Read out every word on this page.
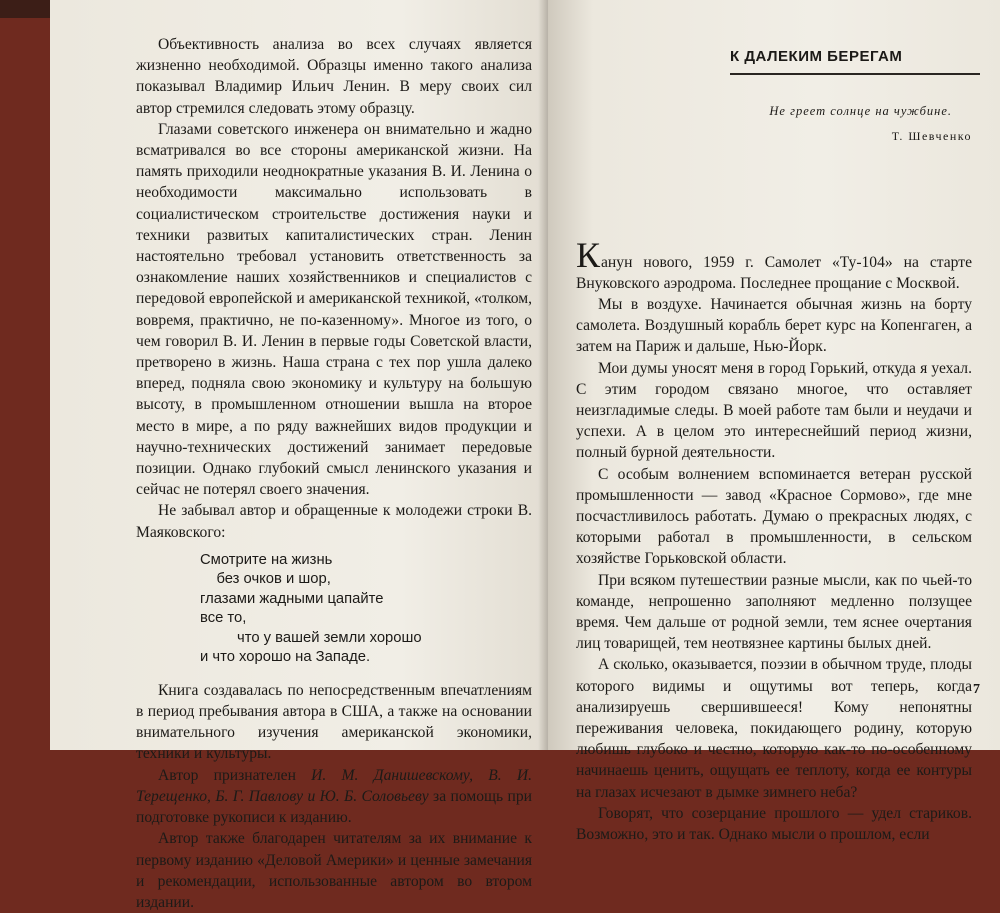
Объективность анализа во всех случаях является жизненно необходимой. Образцы именно такого анализа показывал Владимир Ильич Ленин. В меру своих сил автор стремился следовать этому образцу.

Глазами советского инженера он внимательно и жадно всматривался во все стороны американской жизни. На память приходили неоднократные указания В. И. Ленина о необходимости максимально использовать в социалистическом строительстве достижения науки и техники развитых капиталистических стран. Ленин настоятельно требовал установить ответственность за ознакомление наших хозяйственников и специалистов с передовой европейской и американской техникой, «толком, вовремя, практично, не по-казенному». Многое из того, о чем говорил В. И. Ленин в первые годы Советской власти, претворено в жизнь. Наша страна с тех пор ушла далеко вперед, подняла свою экономику и культуру на большую высоту, в промышленном отношении вышла на второе место в мире, а по ряду важнейших видов продукции и научно-технических достижений занимает передовые позиции. Однако глубокий смысл ленинского указания и сейчас не потерял своего значения.

Не забывал автор и обращенные к молодежи строки В. Маяковского:

Смотрите на жизнь
без очков и шор,
глазами жадными цапайте
все то,
что у вашей земли хорошо
и что хорошо на Западе.

Книга создавалась по непосредственным впечатлениям в период пребывания автора в США, а также на основании внимательного изучения американской экономики, техники и культуры.

Автор признателен И. М. Данишевскому, В. И. Терещенко, Б. Г. Павлову и Ю. Б. Соловьеву за помощь при подготовке рукописи к изданию.

Автор также благодарен читателям за их внимание к первому изданию «Деловой Америки» и ценные замечания и рекомендации, использованные автором во втором издании.

К ДАЛЕКИМ БЕРЕГАМ
Не греет солнце на чужбине.
Т. Шевченко

Канун нового, 1959 г. Самолет «Ту-104» на старте Внуковского аэродрома. Последнее прощание с Москвой.

Мы в воздухе. Начинается обычная жизнь на борту самолета. Воздушный корабль берет курс на Копенгаген, а затем на Париж и дальше, Нью-Йорк.

Мои думы уносят меня в город Горький, откуда я уехал. С этим городом связано многое, что оставляет неизгладимые следы. В моей работе там были и неудачи и успехи. А в целом это интереснейший период жизни, полный бурной деятельности.

С особым волнением вспоминается ветеран русской промышленности — завод «Красное Сормово», где мне посчастливилось работать. Думаю о прекрасных людях, с которыми работал в промышленности, в сельском хозяйстве Горьковской области.

При всяком путешествии разные мысли, как по чьей-то команде, непрошенно заполняют медленно ползущее время. Чем дальше от родной земли, тем яснее очертания лиц товарищей, тем неотвязнее картины былых дней.

А сколько, оказывается, поэзии в обычном труде, плоды которого видимы и ощутимы вот теперь, когда анализируешь свершившееся! Кому непонятны переживания человека, покидающего родину, которую любишь глубоко и честно, которую как-то по-особенному начинаешь ценить, ощущать ее теплоту, когда ее контуры на глазах исчезают в дымке зимнего неба?

Говорят, что созерцание прошлого — удел стариков. Возможно, это и так. Однако мысли о прошлом, если

7
